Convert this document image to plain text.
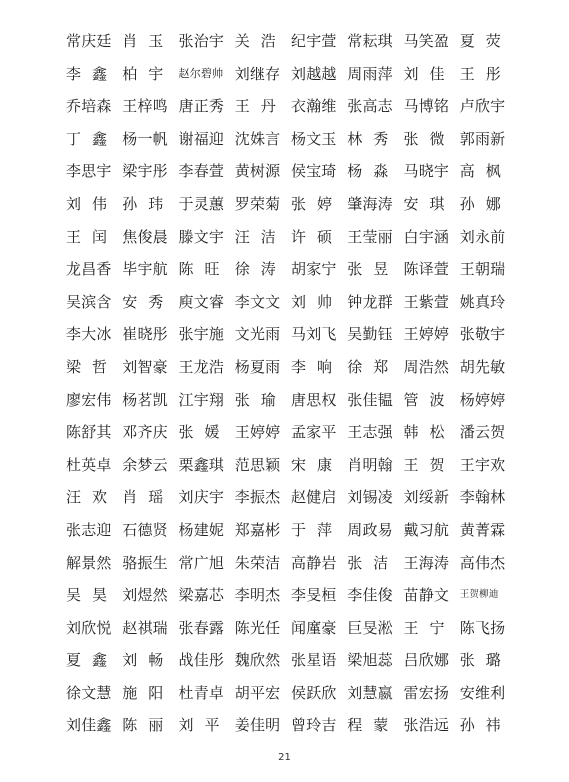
常庆廷 肖玉 张治宇 关浩 纪宇萱 常耘琪 马笑盈 夏荧
李鑫 柏宇 赵尔碧帅 刘继存 刘越越 周雨萍 刘佳 王彤
乔培森 王梓鸣 唐正秀 王丹 衣瀚维 张高志 马博铭 卢欣宇
丁鑫 杨一帆 谢福迎 沈姝言 杨文玉 林秀 张微 郭雨新
李思宇 梁宇彤 李春萱 黄树源 侯宝琦 杨淼 马晓宇 高枫
刘伟 孙玮 于灵蕙 罗荣菊 张婷 肇海涛 安琪 孙娜
王闰 焦俊晨 滕文宇 汪洁 许硕 王莹丽 白宇涵 刘永前
龙昌香 毕宇航 陈旺 徐涛 胡家宁 张昱 陈译萱 王朝瑞
吴滨含 安秀 庾文睿 李文文 刘帅 钟龙群 王紫萱 姚真玲
李大冰 崔晓彤 张宇施 文光雨 马刘飞 吴勤钰 王婷婷 张敬宇
梁哲 刘智豪 王龙浩 杨夏雨 李响 徐郑 周浩然 胡先敏
廖宏伟 杨茗凯 江宇翔 张瑜 唐思权 张佳韫 管波 杨婷婷
陈舒其 邓齐庆 张媛 王婷婷 孟家平 王志强 韩松 潘云贺
杜英卓 余梦云 栗鑫琪 范思颖 宋康 肖明翰 王贺 王宇欢
汪欢 肖瑶 刘庆宇 李振杰 赵健启 刘锡凌 刘绥新 李翰林
张志迎 石德贤 杨建妮 郑嘉彬 于萍 周政易 戴习航 黄菁霖
解景然 骆振生 常广旭 朱荣洁 高静岩 张洁 王海涛 高伟杰
吴昊 刘煜然 梁嘉芯 李明杰 李旻桓 李佳俊 苗静文	王贺柳迪
刘欣悦 赵祺瑞 张春露 陈光任 闻廑豪 巨旻淞 王宁 陈飞扬
夏鑫 刘畅 战佳彤 魏欣然 张星语 梁旭蕊 吕欣娜 张璐
徐文慧 施阳 杜青卓 胡平宏 侯跃欣 刘慧嬴 雷宏扬 安维利
刘佳鑫 陈丽 刘平 姜佳明 曾玲吉 程蒙 张浩远 孙祎
21
